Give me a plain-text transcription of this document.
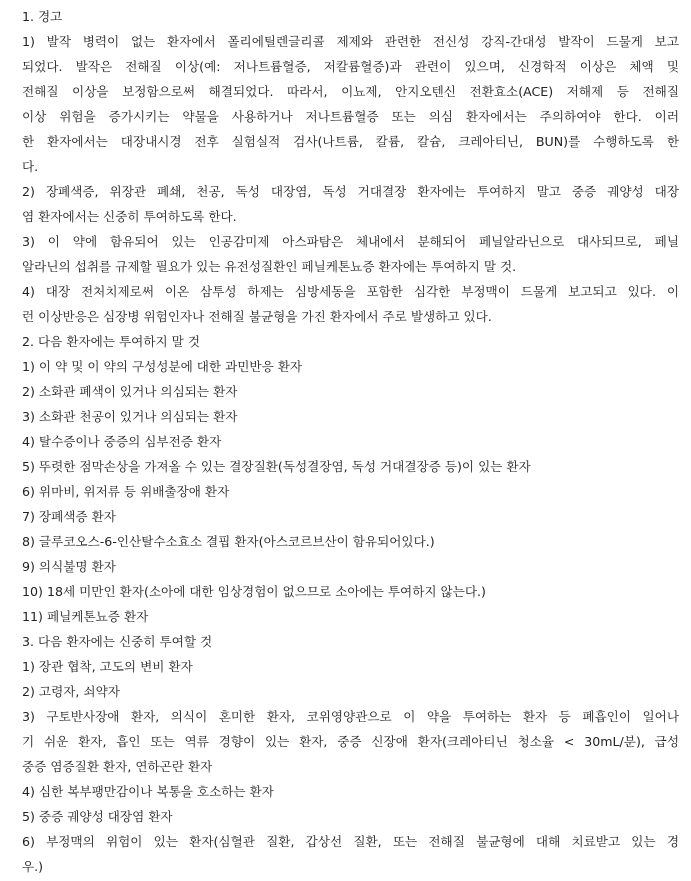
1. 경고
1) 발작 병력이 없는 환자에서 폴리에틸렌글리콜 제제와 관련한 전신성 강직-간대성 발작이 드물게 보고
되었다. 발작은 전해질 이상(예: 저나트륨혈증, 저칼륨혈증)과 관련이 있으며, 신경학적 이상은 체액 및
전해질 이상을 보정함으로써 해결되었다. 따라서, 이뇨제, 안지오텐신 전환효소(ACE) 저해제 등 전해질
이상 위험을 증가시키는 약물을 사용하거나 저나트륨혈증 또는 의심 환자에서는 주의하여야 한다. 이러
한 환자에서는 대장내시경 전후 실험실적 검사(나트륨, 칼륨, 칼슘, 크레아티닌, BUN)를 수행하도록 한
다.
2) 장폐색증, 위장관 폐쇄, 천공, 독성 대장염, 독성 거대결장 환자에는 투여하지 말고 중증 궤양성 대장
염 환자에서는 신중히 투여하도록 한다.
3) 이 약에 함유되어 있는 인공감미제 아스파탐은 체내에서 분해되어 페닐알라닌으로 대사되므로, 페닐
알라닌의 섭취를 규제할 필요가 있는 유전성질환인 페닐케톤뇨증 환자에는 투여하지 말 것.
4) 대장 전처치제로써 이온 삼투성 하제는 심방세동을 포함한 심각한 부정맥이 드물게 보고되고 있다. 이
런 이상반응은 심장병 위험인자나 전해질 불균형을 가진 환자에서 주로 발생하고 있다.
2. 다음 환자에는 투여하지 말 것
1) 이 약 및 이 약의 구성성분에 대한 과민반응 환자
2) 소화관 폐색이 있거나 의심되는 환자
3) 소화관 천공이 있거나 의심되는 환자
4) 탈수증이나 중증의 심부전증 환자
5) 뚜렷한 점막손상을 가져올 수 있는 결장질환(독성결장염, 독성 거대결장증 등)이 있는 환자
6) 위마비, 위저류 등 위배출장애 환자
7) 장폐색증 환자
8) 글루코오스-6-인산탈수소효소 결핍 환자(아스코르브산이 함유되어있다.)
9) 의식불명 환자
10) 18세 미만인 환자(소아에 대한 임상경험이 없으므로 소아에는 투여하지 않는다.)
11) 페닐케톤뇨증 환자
3. 다음 환자에는 신중히 투여할 것
1) 장관 협착, 고도의 변비 환자
2) 고령자, 쇠약자
3) 구토반사장애 환자, 의식이 혼미한 환자, 코위영양관으로 이 약을 투여하는 환자 등 폐흡인이 일어나
기 쉬운 환자, 흡인 또는 역류 경향이 있는 환자, 중증 신장애 환자(크레아티닌 청소율 < 30mL/분), 급성
중증 염증질환 환자, 연하곤란 환자
4) 심한 복부팽만감이나 복통을 호소하는 환자
5) 중증 궤양성 대장염 환자
6) 부정맥의 위험이 있는 환자(심혈관 질환, 갑상선 질환, 또는 전해질 불균형에 대해 치료받고 있는 경
우.)
